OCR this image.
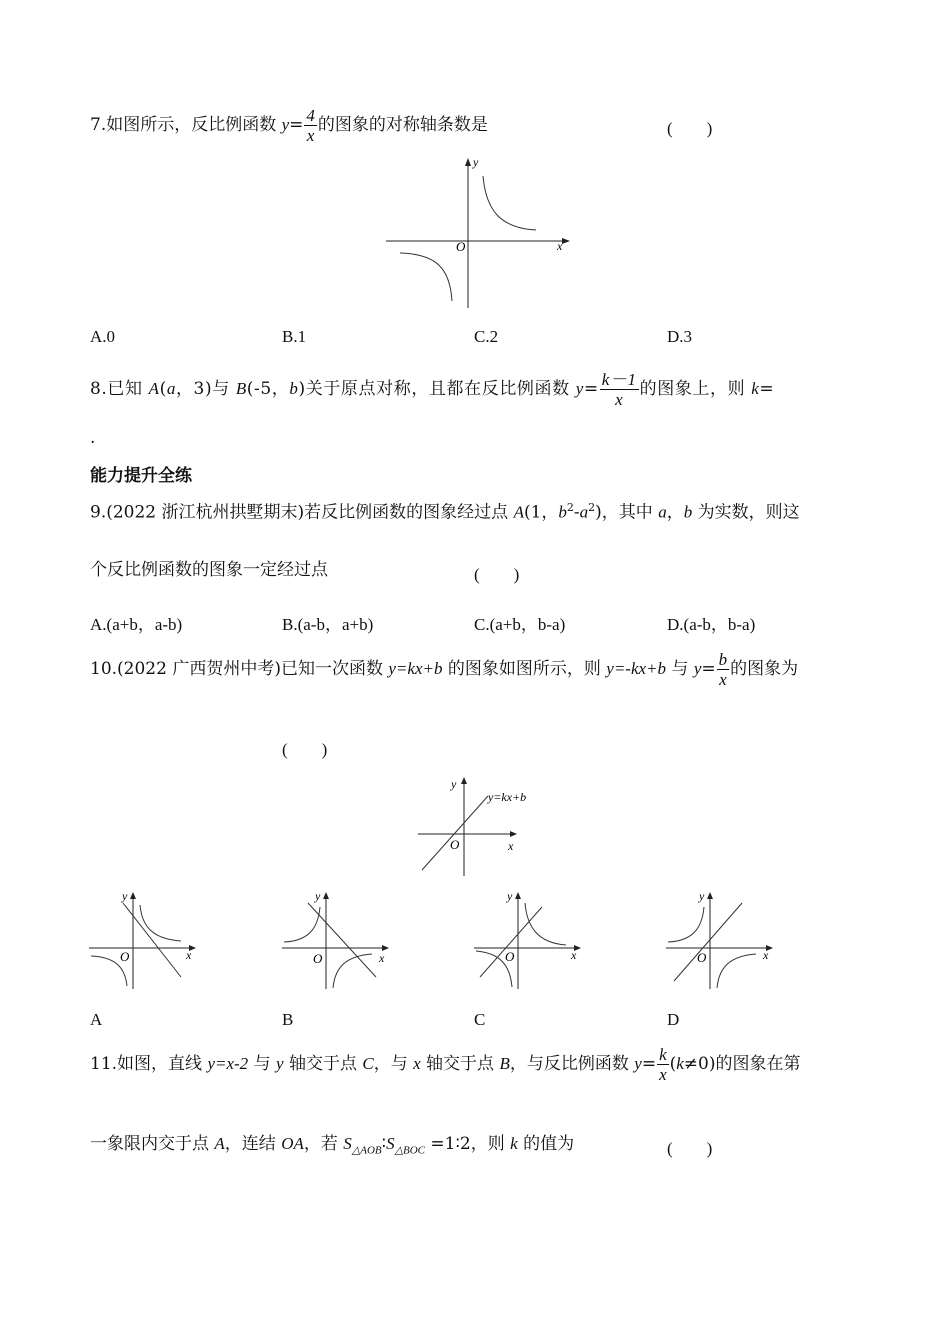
7.如图所示，反比例函数 $y= \frac{4}{x}$ 的图象的对称轴条数是	(　　)
y
x
O
A.0	B.1	C.2	D.3
8.已知 A(a，3)与 B(-5，b)关于原点对称，且都在反比例函数 $y= \frac{k-1}{x}$ 的图象上，则 k=
.
能力提升全练
9.(2022 浙江杭州拱墅期末)若反比例函数的图象经过点 A(1，$b^2-a^2$)，其中 a，b 为实数，则这
个反比例函数的图象一定经过点	(　　)
A.(a+b，a-b)	B.(a-b，a+b)	C.(a+b，b-a)	D.(a-b，b-a)
10.(2022 广西贺州中考)已知一次函数 y=kx+b 的图象如图所示，则 y=-kx+b 与 $y= \frac{b}{x}$ 的图象为
(　　)
y
x
O
y=kx+b
y
x
O
y
x
O
y
x
O
y
x
O
A	B	C	D
11.如图，直线 y=x-2 与 y 轴交于点 C，与 x 轴交于点 B，与反比例函数 $y= \frac{k}{x} (k\ne 0)$的图象在第
一象限内交于点 A，连结 OA，若 $S_{\triangle AOB}∶S_{\triangle BOC}$ =1∶2，则 k 的值为	(　　)
